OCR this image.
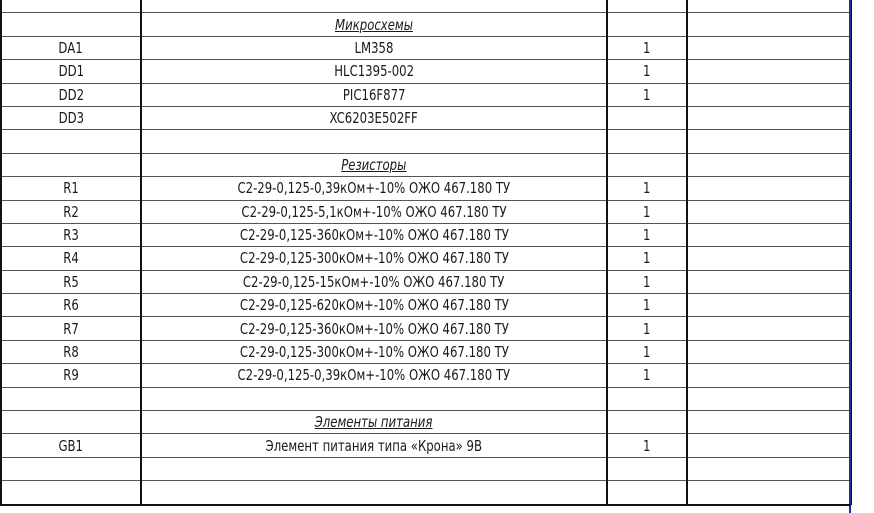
	Микросхемы		
DA1	LM358	1	
DD1	HLC1395-002	1	
DD2	PIC16F877	1	
DD3	XC6203E502FF		

	Резисторы		
R1	С2-29-0,125-0,39кОм+-10% ОЖО 467.180 ТУ	1	
R2	С2-29-0,125-5,1кОм+-10% ОЖО 467.180 ТУ	1	
R3	С2-29-0,125-360кОм+-10% ОЖО 467.180 ТУ	1	
R4	С2-29-0,125-300кОм+-10% ОЖО 467.180 ТУ	1	
R5	С2-29-0,125-15кОм+-10% ОЖО 467.180 ТУ	1	
R6	С2-29-0,125-620кОм+-10% ОЖО 467.180 ТУ	1	
R7	С2-29-0,125-360кОм+-10% ОЖО 467.180 ТУ	1	
R8	С2-29-0,125-300кОм+-10% ОЖО 467.180 ТУ	1	
R9	С2-29-0,125-0,39кОм+-10% ОЖО 467.180 ТУ	1	

	Элементы питания		
GB1	Элемент питания типа «Крона» 9В	1	
